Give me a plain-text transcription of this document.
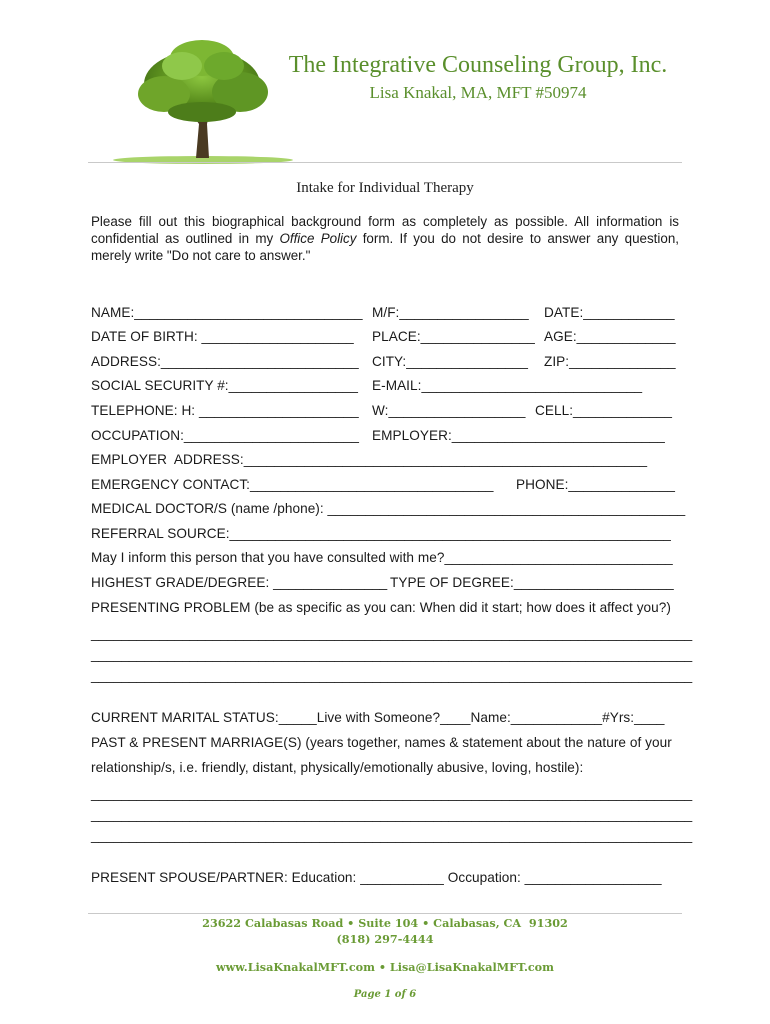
The Integrative Counseling Group, Inc.
Lisa Knakal, MA, MFT #50974
Intake for Individual Therapy
Please fill out this biographical background form as completely as possible. All information is
confidential as outlined in my Office Policy form. If you do not desire to answer any question,
merely write "Do not care to answer."
NAME:______________________________ M/F:_________________ DATE:____________
DATE OF BIRTH: ____________________ PLACE:_______________ AGE:_____________
ADDRESS:__________________________ CITY:________________ ZIP:______________
SOCIAL SECURITY #:_________________ E-MAIL:_____________________________
TELEPHONE: H: _____________________ W:__________________ CELL:_____________
OCCUPATION:_______________________ EMPLOYER:____________________________
EMPLOYER  ADDRESS:_____________________________________________________
EMERGENCY CONTACT:________________________________ PHONE:______________
MEDICAL DOCTOR/S (name /phone): _______________________________________________
REFERRAL SOURCE:__________________________________________________________
May I inform this person that you have consulted with me?______________________________
HIGHEST GRADE/DEGREE: _______________ TYPE OF DEGREE:_____________________
PRESENTING PROBLEM (be as specific as you can: When did it start; how does it affect you?)
_______________________________________________________________________________
_______________________________________________________________________________
_______________________________________________________________________________
CURRENT MARITAL STATUS:_____Live with Someone?____Name:____________#Yrs:____
PAST & PRESENT MARRIAGE(S) (years together, names & statement about the nature of your
relationship/s, i.e. friendly, distant, physically/emotionally abusive, loving, hostile):
_______________________________________________________________________________
_______________________________________________________________________________
_______________________________________________________________________________
PRESENT SPOUSE/PARTNER: Education: ___________ Occupation: __________________
23622 Calabasas Road • Suite 104 • Calabasas, CA  91302
(818) 297-4444
www.LisaKnakalMFT.com • Lisa@LisaKnakalMFT.com
Page 1 of 6
